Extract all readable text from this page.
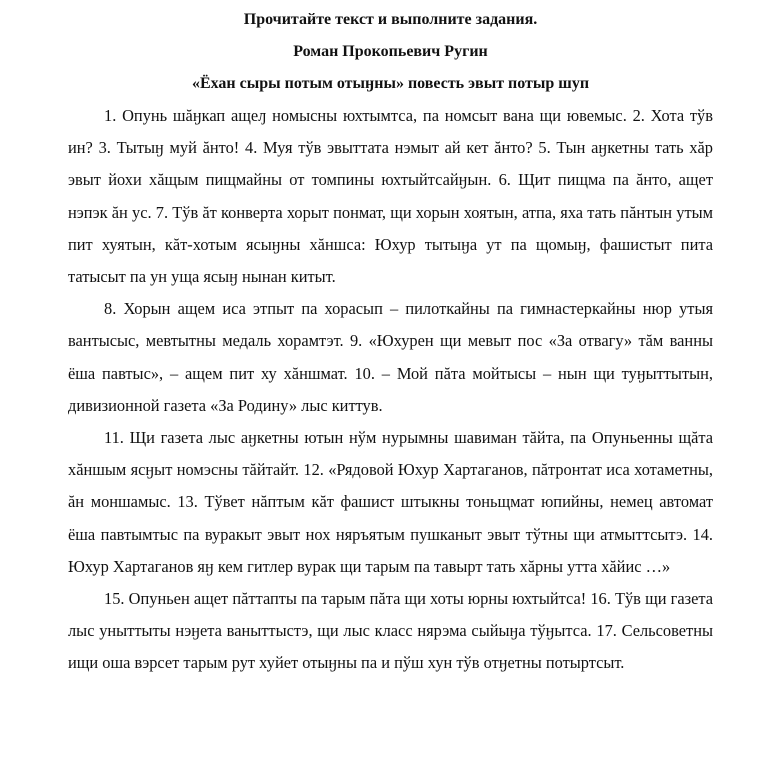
Прочитайте текст и выполните задания.

Роман Прокопьевич Ругин

«Ёхан сыры потым отыӈны» повесть эвыт потыр шуп

1. Опунь шăӈкап ащеԓ номысны юхтымтса, па номсыт вана щи ювемыс. 2. Хота тўв ин? 3. Тытыӈ муй ăнто! 4. Муя тўв эвыттата нэмыт ай кет ăнто? 5. Тын аӈкетны тать хăр эвыт йохи хăщым пищмайны от томпины юхтыйтсайӈын. 6. Щит пищма па ăнто, ащет нэпэк ăн ус. 7. Тўв ăт конверта хорыт понмат, щи хорын хоятын, атпа, яха тать пăнтын утым пит хуятын, кăт-хотым ясыӈны хăншса: Юхур тытыӈа ут па щомыӈ, фашистыт пита татысыт па ун уща ясыӈ нынан китыт.

8. Хорын ащем иса этпыт па хорасып – пилоткайны па гимнастеркайны нюр утыя вантысыс, мевтытны медаль хорамтэт. 9. «Юхурен щи мевыт пос «За отвагу» тăм ванны ёша павтыс», – ащем пит ху хăншмат. 10. – Мой пăта мойтысы – нын щи туӈыттытын, дивизионной газета «За Родину» лыс киттув.

11. Щи газета лыс аӈкетны ютын нўм нурымны шавиман тăйта, па Опуньенны щăта хăншым ясӈыт номэсны тăйтайт. 12. «Рядовой Юхур Хартаганов, пăтронтат иса хотаметны, ăн моншамыс. 13. Тўвет нăптым кăт фашист штыкны тоньщмат юпийны, немец автомат ёша павтымтыс па вуракыт эвыт нох няръятым пушканыт эвыт тўтны щи атмыттсытэ. 14. Юхур Хартаганов яӈ кем гитлер вурак щи тарым па тавырт тать хăрны утта хăйис …»

15. Опуньен ащет пăттапты па тарым пăта щи хоты юрны юхтыйтса! 16. Тўв щи газета лыс уныттыты нэӈета ваныттыстэ, щи лыс класс нярэма сыйыӈа тўӈытса. 17. Сельсоветны ищи оша вэрсет тарым рут хуйет отыӈны па и пўш хун тўв отӈетны потыртсыт.
